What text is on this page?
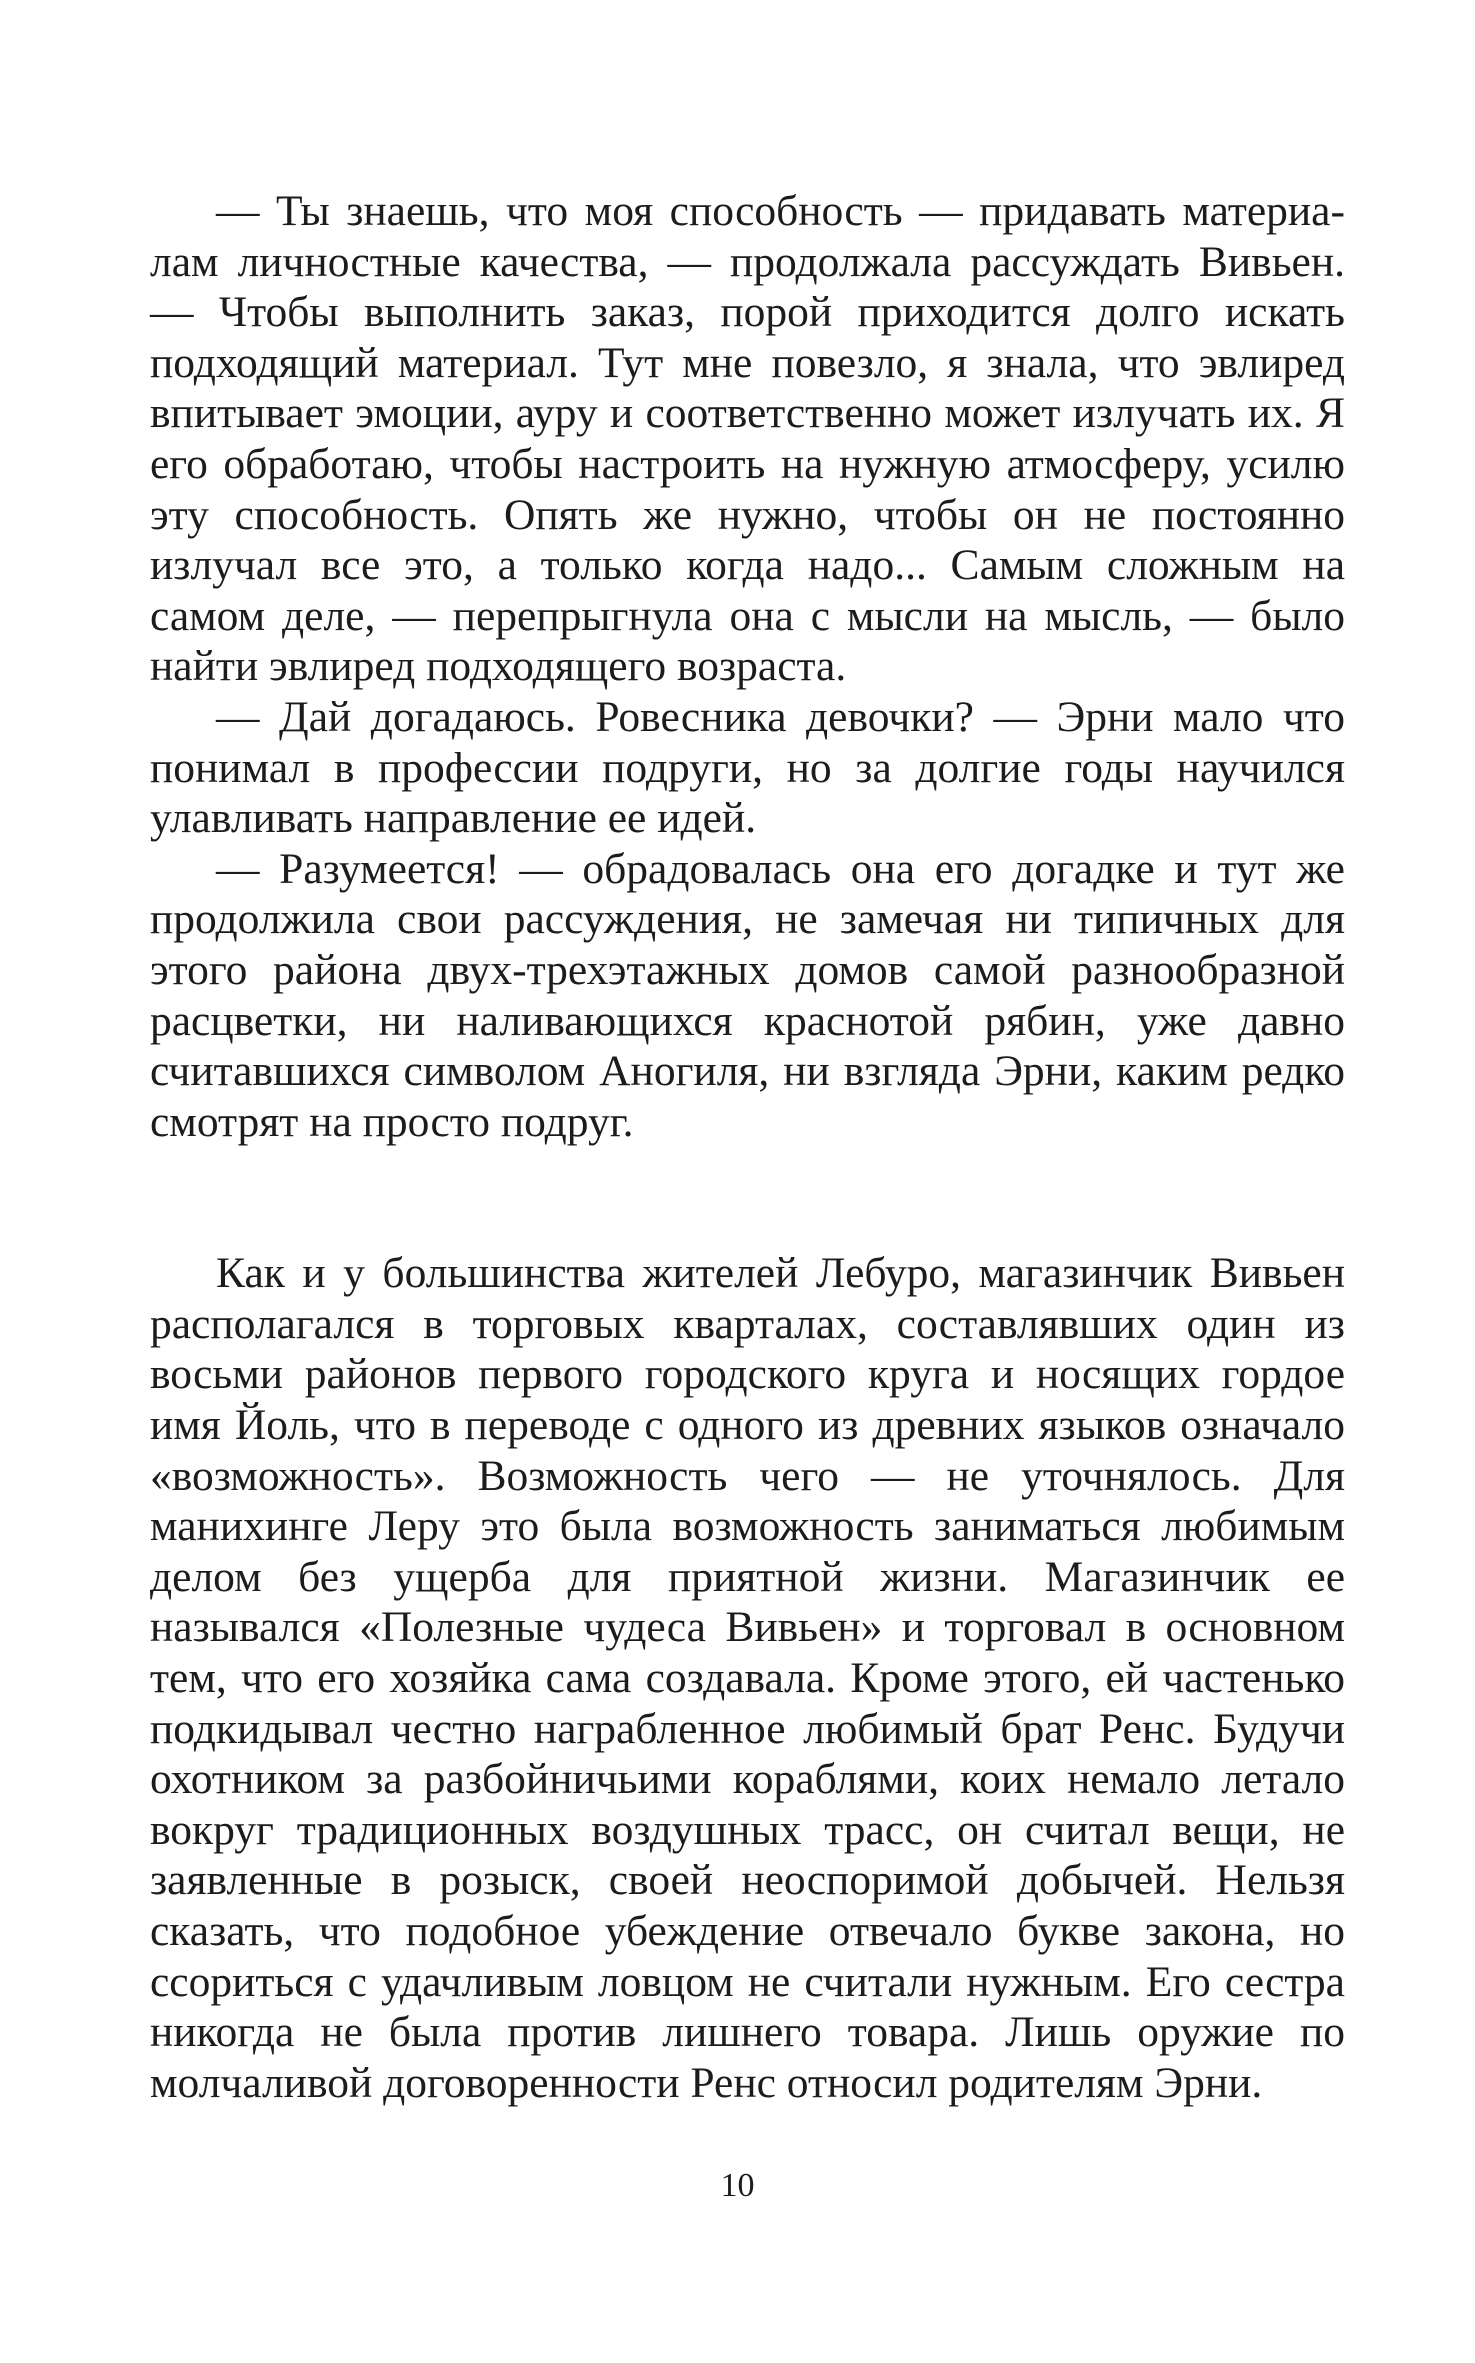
— Ты знаешь, что моя способность — придавать материалам личностные качества, — продолжала рассуждать Вивьен. — Чтобы выполнить заказ, порой приходится долго искать подходящий материал. Тут мне повезло, я знала, что эвлиред впитывает эмоции, ауру и соответственно может излучать их. Я его обработаю, чтобы настроить на нужную атмосферу, усилю эту способность. Опять же нужно, чтобы он не постоянно излучал все это, а только когда надо... Самым сложным на самом деле, — перепрыгнула она с мысли на мысль, — было найти эвлиред подходящего возраста.

— Дай догадаюсь. Ровесника девочки? — Эрни мало что понимал в профессии подруги, но за долгие годы научился улавливать направление ее идей.

— Разумеется! — обрадовалась она его догадке и тут же продолжила свои рассуждения, не замечая ни типичных для этого района двух-трехэтажных домов самой разнообразной расцветки, ни наливающихся краснотой рябин, уже давно считавшихся символом Аногиля, ни взгляда Эрни, каким редко смотрят на просто подруг.

Как и у большинства жителей Лебуро, магазинчик Вивьен располагался в торговых кварталах, составлявших один из восьми районов первого городского круга и носящих гордое имя Йоль, что в переводе с одного из древних языков означало «возможность». Возможность чего — не уточнялось. Для манихинге Леру это была возможность заниматься любимым делом без ущерба для приятной жизни. Магазинчик ее назывался «Полезные чудеса Вивьен» и торговал в основном тем, что его хозяйка сама создавала. Кроме этого, ей частенько подкидывал честно награбленное любимый брат Ренс. Будучи охотником за разбойничьими кораблями, коих немало летало вокруг традиционных воздушных трасс, он считал вещи, не заявленные в розыск, своей неоспоримой добычей. Нельзя сказать, что подобное убеждение отвечало букве закона, но ссориться с удачливым ловцом не считали нужным. Его сестра никогда не была против лишнего товара. Лишь оружие по молчаливой договоренности Ренс относил родителям Эрни.

10
